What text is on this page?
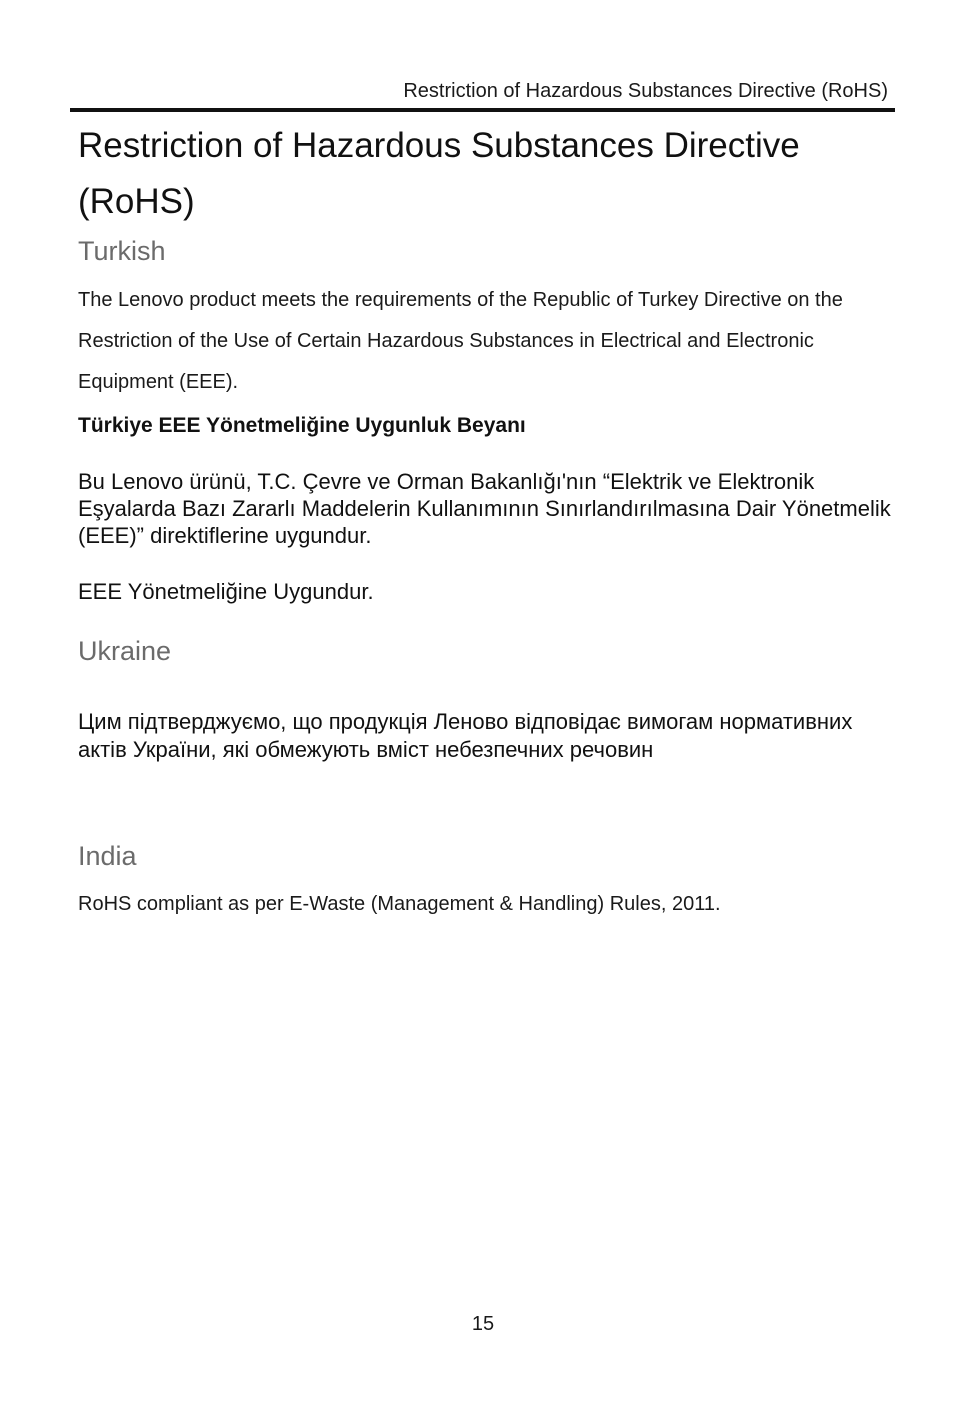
Restriction of Hazardous Substances Directive (RoHS)
Restriction of Hazardous Substances Directive (RoHS)
Turkish

The Lenovo product meets the requirements of the Republic of Turkey Directive on the Restriction of the Use of Certain Hazardous Substances in Electrical and Electronic Equipment (EEE).

Türkiye EEE Yönetmeliğine Uygunluk Beyanı

Bu Lenovo ürünü, T.C. Çevre ve Orman Bakanlığı'nın “Elektrik ve Elektronik Eşyalarda Bazı Zararlı Maddelerin Kullanımının Sınırlandırılmasına Dair Yönetmelik (EEE)” direktiflerine uygundur.

EEE Yönetmeliğine Uygundur.

Ukraine

Цим підтверджуємо, що продукція Леново відповідає вимогам нормативних актів України, які обмежують вміст небезпечних речовин

India

RoHS compliant as per E-Waste (Management & Handling) Rules, 2011.

15
